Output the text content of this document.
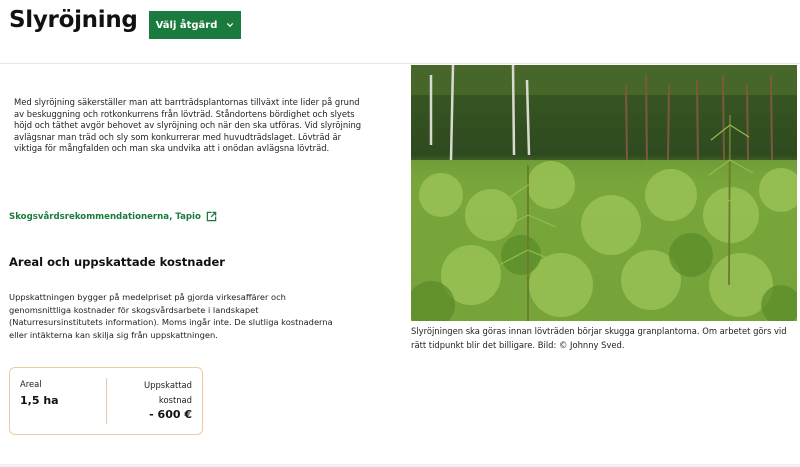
Slyröjning Välj åtgärd
Med slyröjning säkerställer man att barrträdsplantornas tillväxt inte lider på grund av beskuggning och rotkonkurrens från lövträd. Ståndortens bördighet och slyets höjd och täthet avgör behovet av slyröjning och när den ska utföras. Vid slyröjning avlägsnar man träd och sly som konkurrerar med huvudträdslaget. Lövträd är viktiga för mångfalden och man ska undvika att i onödan avlägsna lövträd.
Skogsvårdsrekommendationerna, Tapio
Areal och uppskattade kostnader
Uppskattningen bygger på medelpriset på gjorda virkesaffärer och genomsnittliga kostnader för skogsvårdsarbete i landskapet (Naturresursinstitutets information). Moms ingår inte. De slutliga kostnaderna eller intäkterna kan skilja sig från uppskattningen.
Areal
1,5 ha
Uppskattad kostnad
- 600 €
Slyröjningen ska göras innan lövträden börjar skugga granplantorna. Om arbetet görs vid rätt tidpunkt blir det billigare. Bild: © Johnny Sved.
